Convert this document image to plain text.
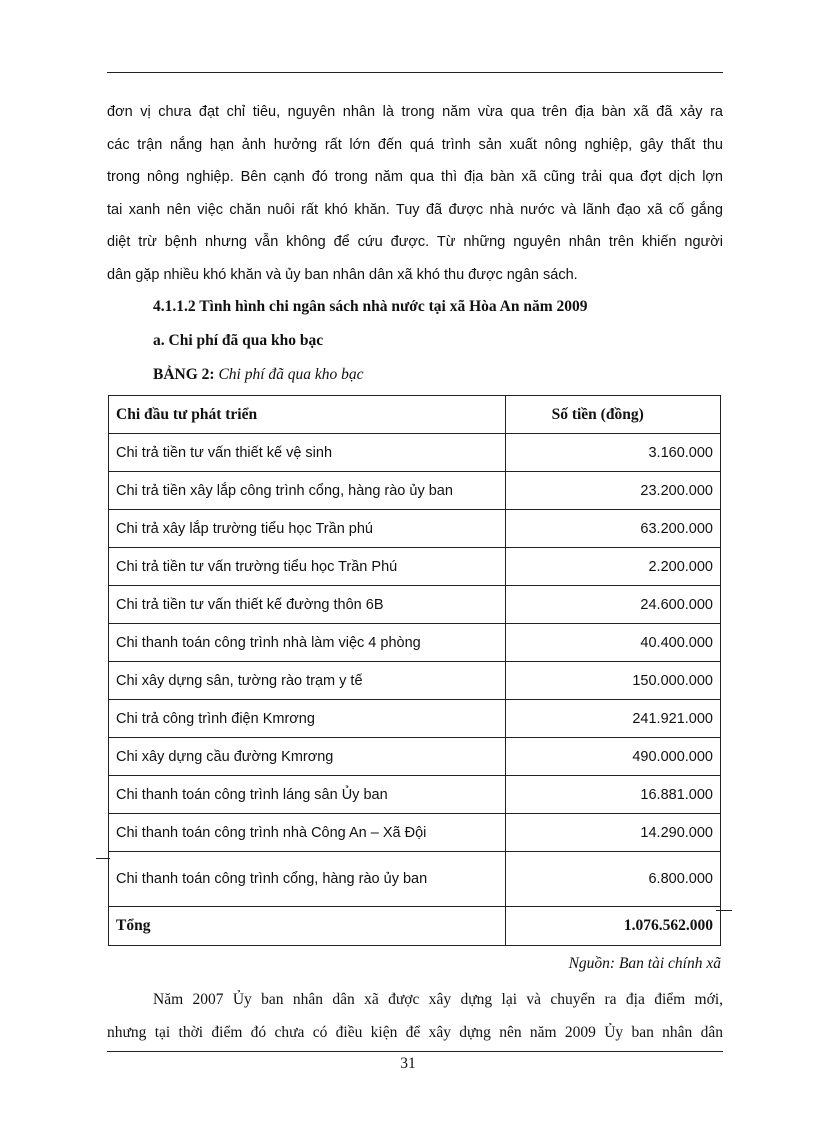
đơn vị chưa đạt chỉ tiêu, nguyên nhân là trong năm vừa qua trên địa bàn xã đã xảy ra
các trận nắng hạn ảnh hưởng rất lớn đến quá trình sản xuất nông nghiệp, gây thất thu
trong nông nghiệp. Bên cạnh đó trong năm qua thì địa bàn xã cũng trải qua đợt dịch lợn
tai xanh nên việc chăn nuôi rất khó khăn. Tuy đã được nhà nước và lãnh đạo xã cố gắng
diệt trừ bệnh nhưng vẫn không để cứu được. Từ những nguyên nhân trên khiến người
dân gặp nhiều khó khăn và ủy ban nhân dân xã khó thu được ngân sách.
4.1.1.2 Tình hình chi ngân sách nhà nước tại xã Hòa An năm 2009
a. Chi phí đã qua kho bạc
BẢNG 2: Chi phí đã qua kho bạc
Chi đầu tư phát triển	Số tiền (đồng)
Chi trả tiền tư vấn thiết kế vệ sinh	3.160.000
Chi trả tiền xây lắp công trình cổng, hàng rào ủy ban	23.200.000
Chi trả xây lắp trường tiểu học Trần phú	63.200.000
Chi trả tiền tư vấn trường tiểu học Trần Phú	2.200.000
Chi trả tiền tư vấn thiết kế đường thôn 6B	24.600.000
Chi thanh toán công trình nhà làm việc 4 phòng	40.400.000
Chi xây dựng sân, tường rào trạm y tế	150.000.000
Chi trả công trình điện Kmrơng	241.921.000
Chi xây dựng cầu đường Kmrơng	490.000.000
Chi thanh toán công trình láng sân Ủy ban	16.881.000
Chi thanh toán công trình nhà Công An – Xã Đội	14.290.000
Chi thanh toán công trình cổng, hàng rào ủy ban	6.800.000
Tổng	1.076.562.000
Nguồn: Ban tài chính xã
Năm 2007 Ủy ban nhân dân xã được xây dựng lại và chuyển ra địa điểm mới,
nhưng tại thời điểm đó chưa có điều kiện để xây dựng nên năm 2009 Ủy ban nhân dân
31
